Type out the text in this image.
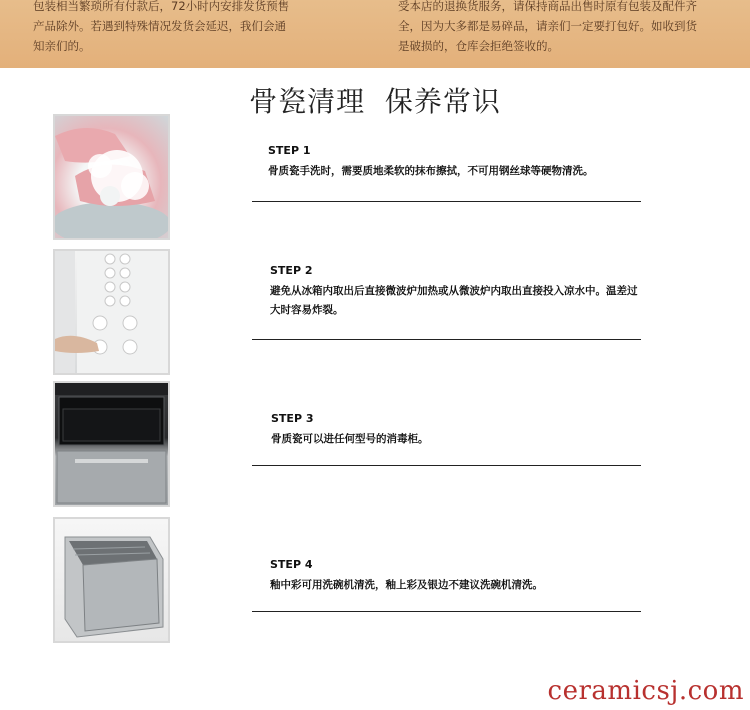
包装相当繁琐所有付款后，72小时内安排发货预售

产品除外。若遇到特殊情况发货会延迟，我们会通

知亲们的。

受本店的退换货服务，请保持商品出售时原有包装及配件齐

全，因为大多都是易碎品，请亲们一定要打包好。如收到货

是破损的，仓库会拒绝签收的。

骨瓷清理  保养常识
STEP 1
骨质瓷手洗时，需要质地柔软的抹布擦拭，不可用钢丝球等硬物清洗。
STEP 2
避免从冰箱内取出后直接微波炉加热或从微波炉内取出直接投入凉水中。温差过大时容易炸裂。
STEP 3
骨质瓷可以进任何型号的消毒柜。
STEP 4
釉中彩可用洗碗机清洗，釉上彩及银边不建议洗碗机清洗。
ceramicsj.com
